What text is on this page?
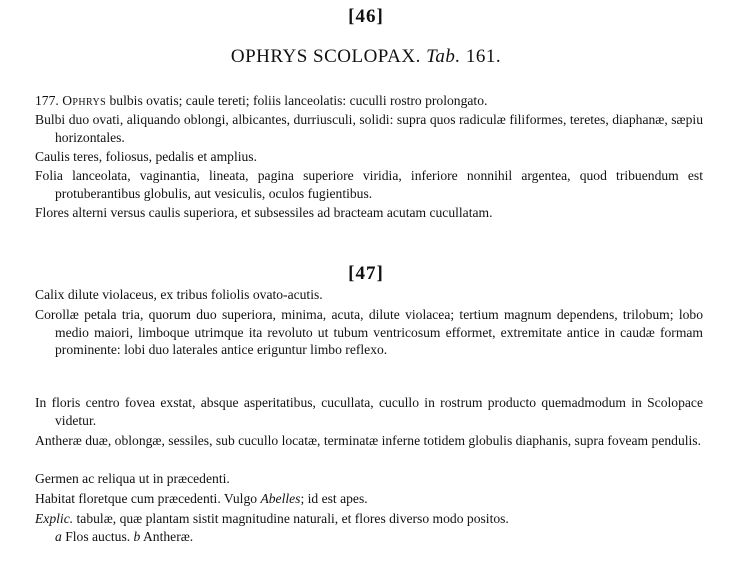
[46]
OPHRYS SCOLOPAX. Tab. 161.
177. Ophrys bulbis ovatis; caule tereti; foliis lanceolatis: cuculli rostro prolongato.
Bulbi duo ovati, aliquando oblongi, albicantes, durriusculi, solidi: supra quos radiculæ filiformes, teretes, diaphanæ, sæpiu horizontales.
Caulis teres, foliosus, pedalis et amplius.
Folia lanceolata, vaginantia, lineata, pagina superiore viridia, inferiore nonnihil argentea, quod tribuendum est protuberantibus globulis, aut vesiculis, oculos fugientibus.
Flores alterni versus caulis superiora, et subsessiles ad bracteam acutam cucullatam.
[47]
Calix dilute violaceus, ex tribus foliolis ovato-acutis.
Corollæ petala tria, quorum duo superiora, minima, acuta, dilute violacea; tertium magnum dependens, trilobum; lobo medio maiori, limboque utrimque ita revoluto ut tubum ventricosum efformet, extremitate antice in caudæ formam prominente: lobi duo laterales antice eriguntur limbo reflexo.
In floris centro fovea exstat, absque asperitatibus, cucullata, cucullo in rostrum producto quemadmodum in Scolopace videtur.
Antheræ duæ, oblongæ, sessiles, sub cucullo locatæ, terminatæ inferne totidem globulis diaphanis, supra foveam pendulis.
Germen ac reliqua ut in præcedenti.
Habitat floretque cum præcedenti. Vulgo Abelles; id est apes.
Explic. tabulæ, quæ plantam sistit magnitudine naturali, et flores diverso modo positos.
a Flos auctus. b Antheræ.
